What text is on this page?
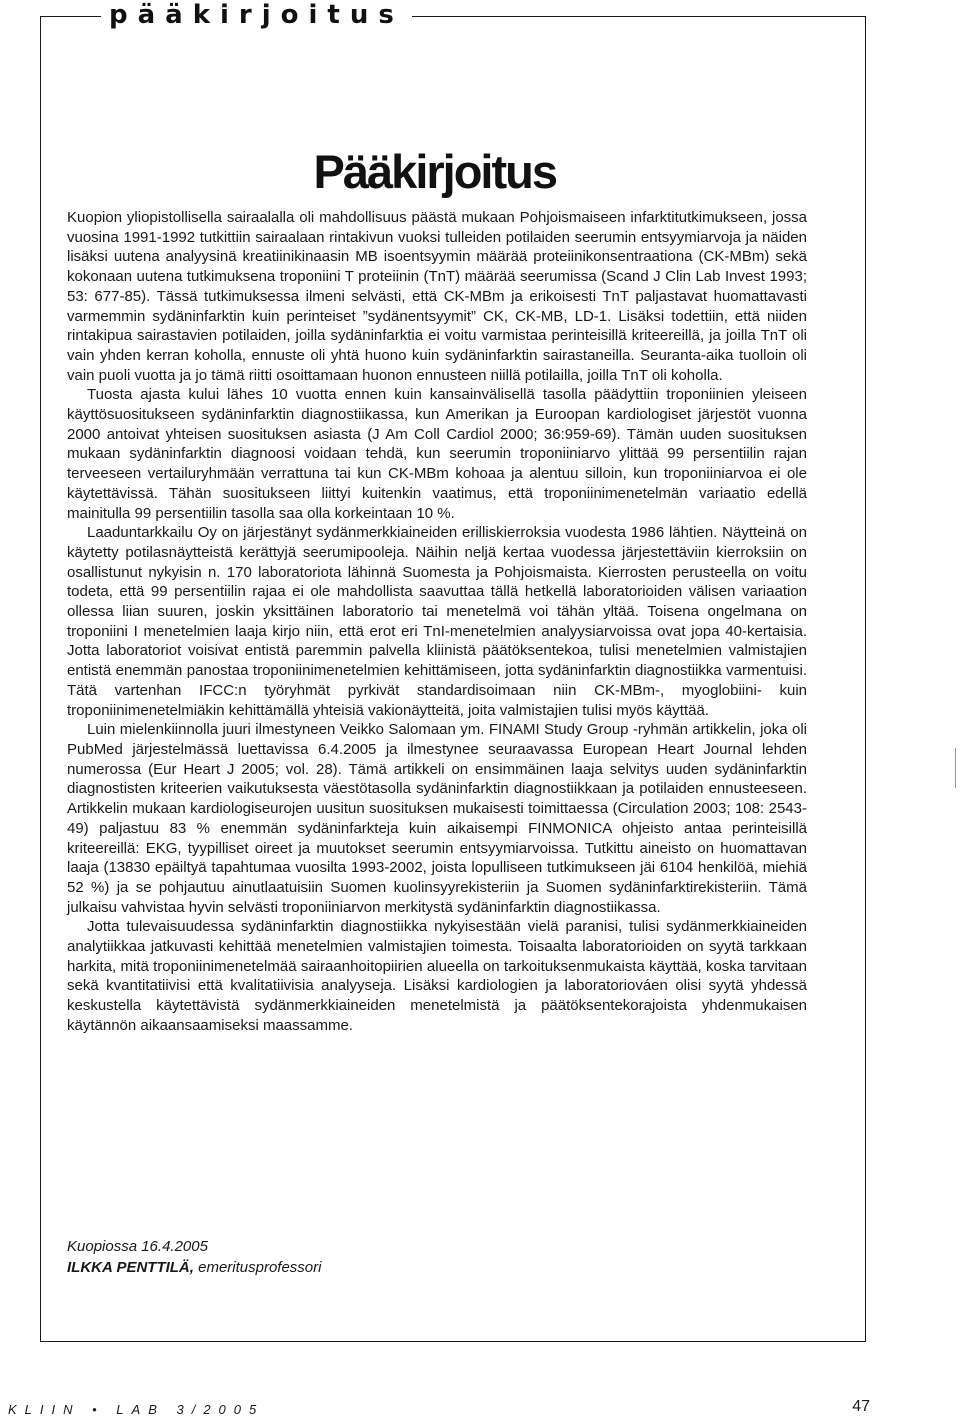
pääkirjoitus
Pääkirjoitus

Kuopion yliopistollisella sairaalalla oli mahdollisuus päästä mukaan Pohjoismaiseen infarktitutkimukseen, jossa vuosina 1991-1992 tutkittiin sairaalaan rintakivun vuoksi tulleiden potilaiden seerumin entsyymiarvoja ja näiden lisäksi uutena analyysinä kreatiinikinaasin MB isoentsyymin määrää proteiinikonsentraationa (CK-MBm) sekä kokonaan uutena tutkimuksena troponiini T proteiinin (TnT) määrää seerumissa (Scand J Clin Lab Invest 1993; 53: 677-85). Tässä tutkimuksessa ilmeni selvästi, että CK-MBm ja erikoisesti TnT paljastavat huomattavasti varmemmin sydäninfarktin kuin perinteiset ”sydänentsyymit” CK, CK-MB, LD-1. Lisäksi todettiin, että niiden rintakipua sairastavien potilaiden, joilla sydäninfarktia ei voitu varmistaa perinteisillä kriteereillä, ja joilla TnT oli vain yhden kerran koholla, ennuste oli yhtä huono kuin sydäninfarktin sairastaneilla. Seuranta-aika tuolloin oli vain puoli vuotta ja jo tämä riitti osoittamaan huonon ennusteen niillä potilailla, joilla TnT oli koholla.

Tuosta ajasta kului lähes 10 vuotta ennen kuin kansainvälisellä tasolla päädyttiin troponiinien yleiseen käyttösuositukseen sydäninfarktin diagnostiikassa, kun Amerikan ja Euroopan kardiologiset järjestöt vuonna 2000 antoivat yhteisen suosituksen asiasta (J Am Coll Cardiol 2000; 36:959-69). Tämän uuden suosituksen mukaan sydäninfarktin diagnoosi voidaan tehdä, kun seerumin troponiiniarvo ylittää 99 persentiilin rajan terveeseen vertailuryhmään verrattuna tai kun CK-MBm kohoaa ja alentuu silloin, kun troponiiniarvoa ei ole käytettävissä. Tähän suositukseen liittyi kuitenkin vaatimus, että troponiinimenetelmän variaatio edellä mainitulla 99 persentiilin tasolla saa olla korkeintaan 10 %.

Laaduntarkkailu Oy on järjestänyt sydänmerkkiaineiden erilliskierroksia vuodesta 1986 lähtien. Näytteinä on käytetty potilasnäytteistä kerättyjä seerumipooleja. Näihin neljä kertaa vuodessa järjestettäviin kierroksiin on osallistunut nykyisin n. 170 laboratoriota lähinnä Suomesta ja Pohjoismaista. Kierrosten perusteella on voitu todeta, että 99 persentiilin rajaa ei ole mahdollista saavuttaa tällä hetkellä laboratorioiden välisen variaation ollessa liian suuren, joskin yksittäinen laboratorio tai menetelmä voi tähän yltää. Toisena ongelmana on troponiini I menetelmien laaja kirjo niin, että erot eri TnI-menetelmien analyysiarvoissa ovat jopa 40-kertaisia. Jotta laboratoriot voisivat entistä paremmin palvella kliinistä päätöksentekoa, tulisi menetelmien valmistajien entistä enemmän panostaa troponiinimenetelmien kehittämiseen, jotta sydäninfarktin diagnostiikka varmentuisi. Tätä vartenhan IFCC:n työryhmät pyrkivät standardisoimaan niin CK-MBm-, myoglobiini- kuin troponiinimenetelmiäkin kehittämällä yhteisiä vakionäytteitä, joita valmistajien tulisi myös käyttää.

Luin mielenkiinnolla juuri ilmestyneen Veikko Salomaan ym. FINAMI Study Group -ryhmän artikkelin, joka oli PubMed järjestelmässä luettavissa 6.4.2005 ja ilmestynee seuraavassa European Heart Journal lehden numerossa (Eur Heart J 2005; vol. 28). Tämä artikkeli on ensimmäinen laaja selvitys uuden sydäninfarktin diagnostisten kriteerien vaikutuksesta väestötasolla sydäninfarktin diagnostiikkaan ja potilaiden ennusteeseen. Artikkelin mukaan kardiologiseurojen uusitun suosituksen mukaisesti toimittaessa (Circulation 2003; 108: 2543-49) paljastuu 83 % enemmän sydäninfarkteja kuin aikaisempi FINMONICA ohjeisto antaa perinteisillä kriteereillä: EKG, tyypilliset oireet ja muutokset seerumin entsyymiarvoissa. Tutkittu aineisto on huomattavan laaja (13830 epäiltyä tapahtumaa vuosilta 1993-2002, joista lopulliseen tutkimukseen jäi 6104 henkilöä, miehiä 52 %) ja se pohjautuu ainutlaatuisiin Suomen kuolinsyyrekisteriin ja Suomen sydäninfarktirekisteriin. Tämä julkaisu vahvistaa hyvin selvästi troponiiniarvon merkitystä sydäninfarktin diagnostiikassa.

Jotta tulevaisuudessa sydäninfarktin diagnostiikka nykyisestään vielä paranisi, tulisi sydänmerkkiaineiden analytiikkaa jatkuvasti kehittää menetelmien valmistajien toimesta. Toisaalta laboratorioiden on syytä tarkkaan harkita, mitä troponiinimenetelmää sairaanhoitopiirien alueella on tarkoituksenmukaista käyttää, koska tarvitaan sekä kvantitatiivisi että kvalitatiivisia analyyseja. Lisäksi kardiologien ja laboratoriováen olisi syytä yhdessä keskustella käytettävistä sydänmerkkiaineiden menetelmistä ja päätöksentekorajoista yhdenmukaisen käytännön aikaansaamiseksi maassamme.

Kuopiossa 16.4.2005
ILKKA PENTTILÄ, emeritusprofessori
KLIIN • LAB 3/2005	47
